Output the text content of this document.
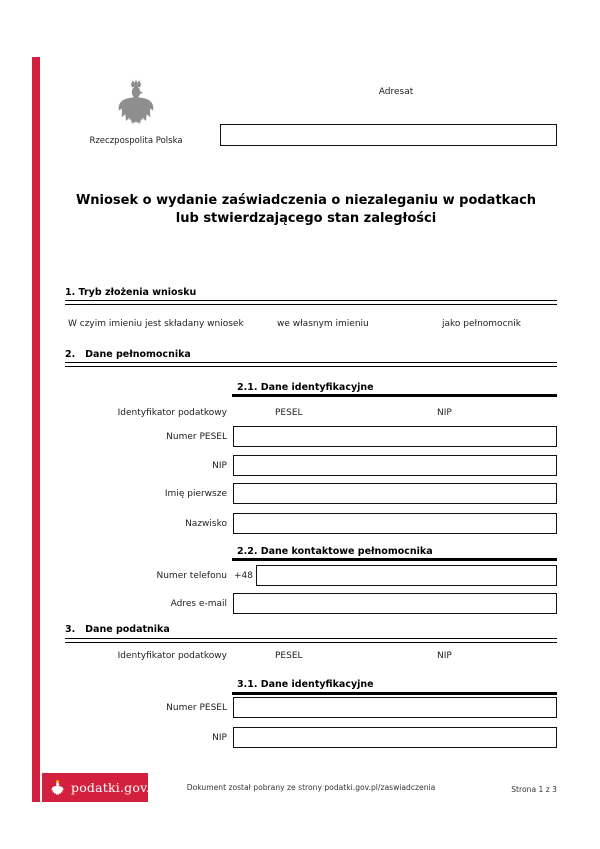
Rzeczpospolita Polska
Adresat
Wniosek o wydanie zaświadczenia o niezaleganiu w podatkach
lub stwierdzającego stan zaległości
1. Tryb złożenia wniosku
W czyim imieniu jest składany wniosek	we własnym imieniu	jako pełnomocnik
2.   Dane pełnomocnika
2.1. Dane identyfikacyjne
Identyfikator podatkowy	PESEL	NIP
Numer PESEL
NIP
Imię pierwsze
Nazwisko
2.2. Dane kontaktowe pełnomocnika
Numer telefonu +48
Adres e-mail
3.   Dane podatnika
Identyfikator podatkowy	PESEL	NIP
3.1. Dane identyfikacyjne
Numer PESEL
NIP
podatki.gov.pl	Dokument został pobrany ze strony podatki.gov.pl/zaswiadczenia	Strona 1 z 3
